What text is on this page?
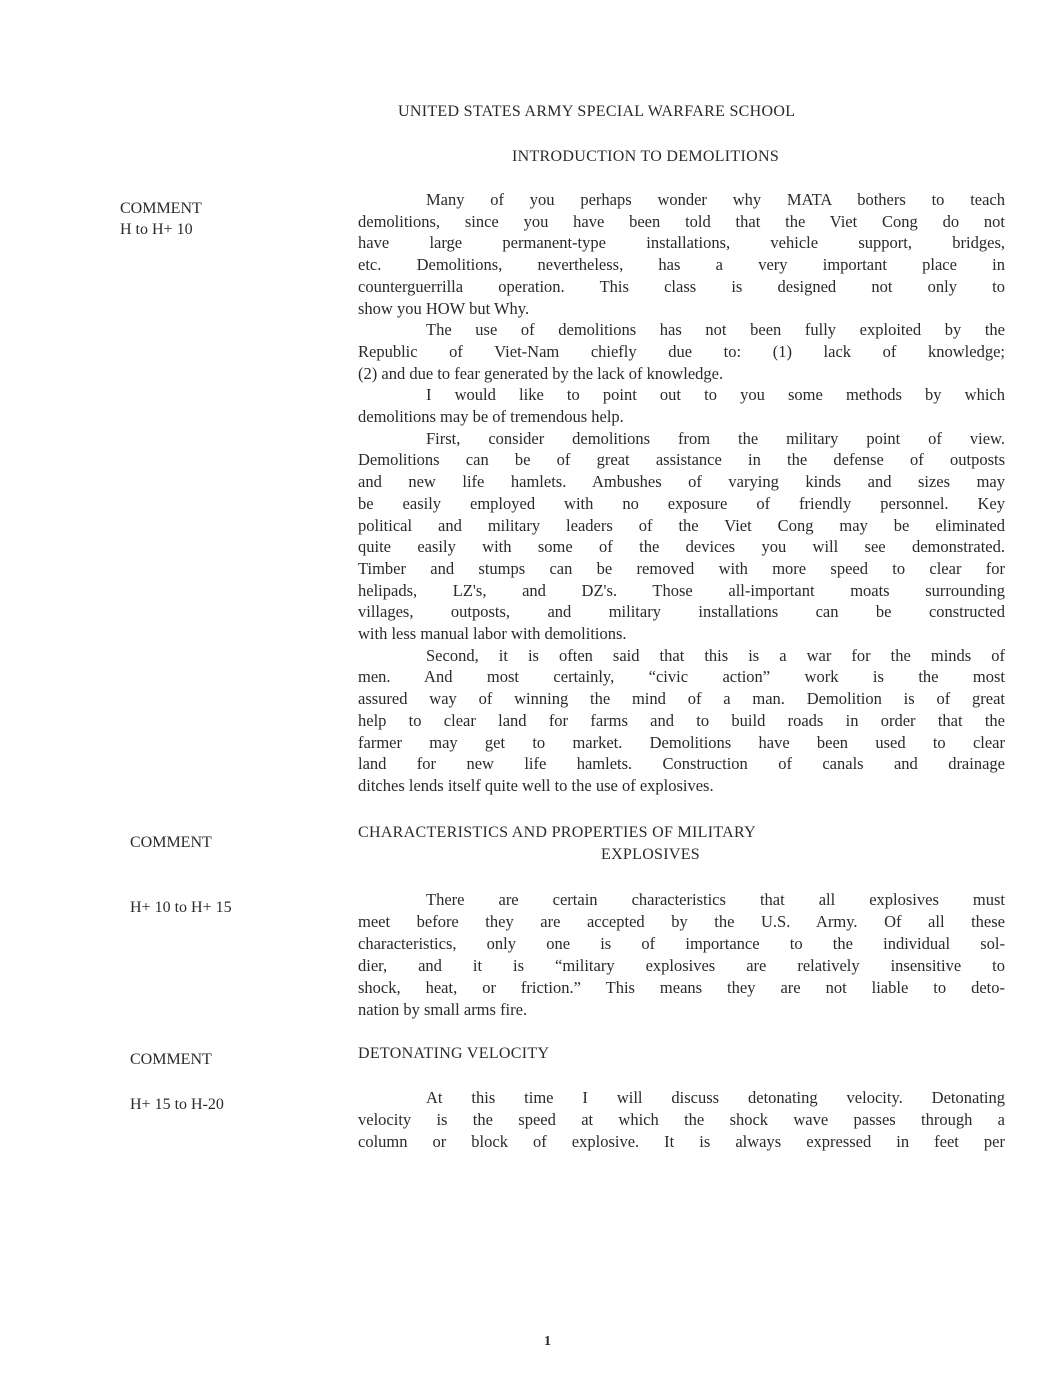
UNITED STATES ARMY SPECIAL WARFARE SCHOOL
INTRODUCTION TO DEMOLITIONS
COMMENT
H to H+ 10
COMMENT
H+ 10 to H+ 15
COMMENT
H+ 15 to H-20
Many of you perhaps wonder why MATA bothers to teach
demolitions, since you have been told that the Viet Cong do not
have large permanent-type installations, vehicle support, bridges,
etc. Demolitions, nevertheless, has a very important place in
counterguerrilla operation. This class is designed not only to
show you HOW but Why.
The use of demolitions has not been fully exploited by the
Republic of Viet-Nam chiefly due to: (1) lack of knowledge;
(2) and due to fear generated by the lack of knowledge.
I would like to point out to you some methods by which
demolitions may be of tremendous help.
First, consider demolitions from the military point of view.
Demolitions can be of great assistance in the defense of outposts
and new life hamlets. Ambushes of varying kinds and sizes may
be easily employed with no exposure of friendly personnel. Key
political and military leaders of the Viet Cong may be eliminated
quite easily with some of the devices you will see demonstrated.
Timber and stumps can be removed with more speed to clear for
helipads, LZ's, and DZ's. Those all-important moats surrounding
villages, outposts, and military installations can be constructed
with less manual labor with demolitions.
Second, it is often said that this is a war for the minds of
men. And most certainly, “civic action” work is the most
assured way of winning the mind of a man. Demolition is of great
help to clear land for farms and to build roads in order that the
farmer may get to market. Demolitions have been used to clear
land for new life hamlets. Construction of canals and drainage
ditches lends itself quite well to the use of explosives.
CHARACTERISTICS AND PROPERTIES OF MILITARY
EXPLOSIVES
There are certain characteristics that all explosives must
meet before they are accepted by the U.S. Army. Of all these
characteristics, only one is of importance to the individual sol-
dier, and it is “military explosives are relatively insensitive to
shock, heat, or friction.” This means they are not liable to deto-
nation by small arms fire.
DETONATING VELOCITY
At this time I will discuss detonating velocity. Detonating
velocity is the speed at which the shock wave passes through a
column or block of explosive. It is always expressed in feet per
1
